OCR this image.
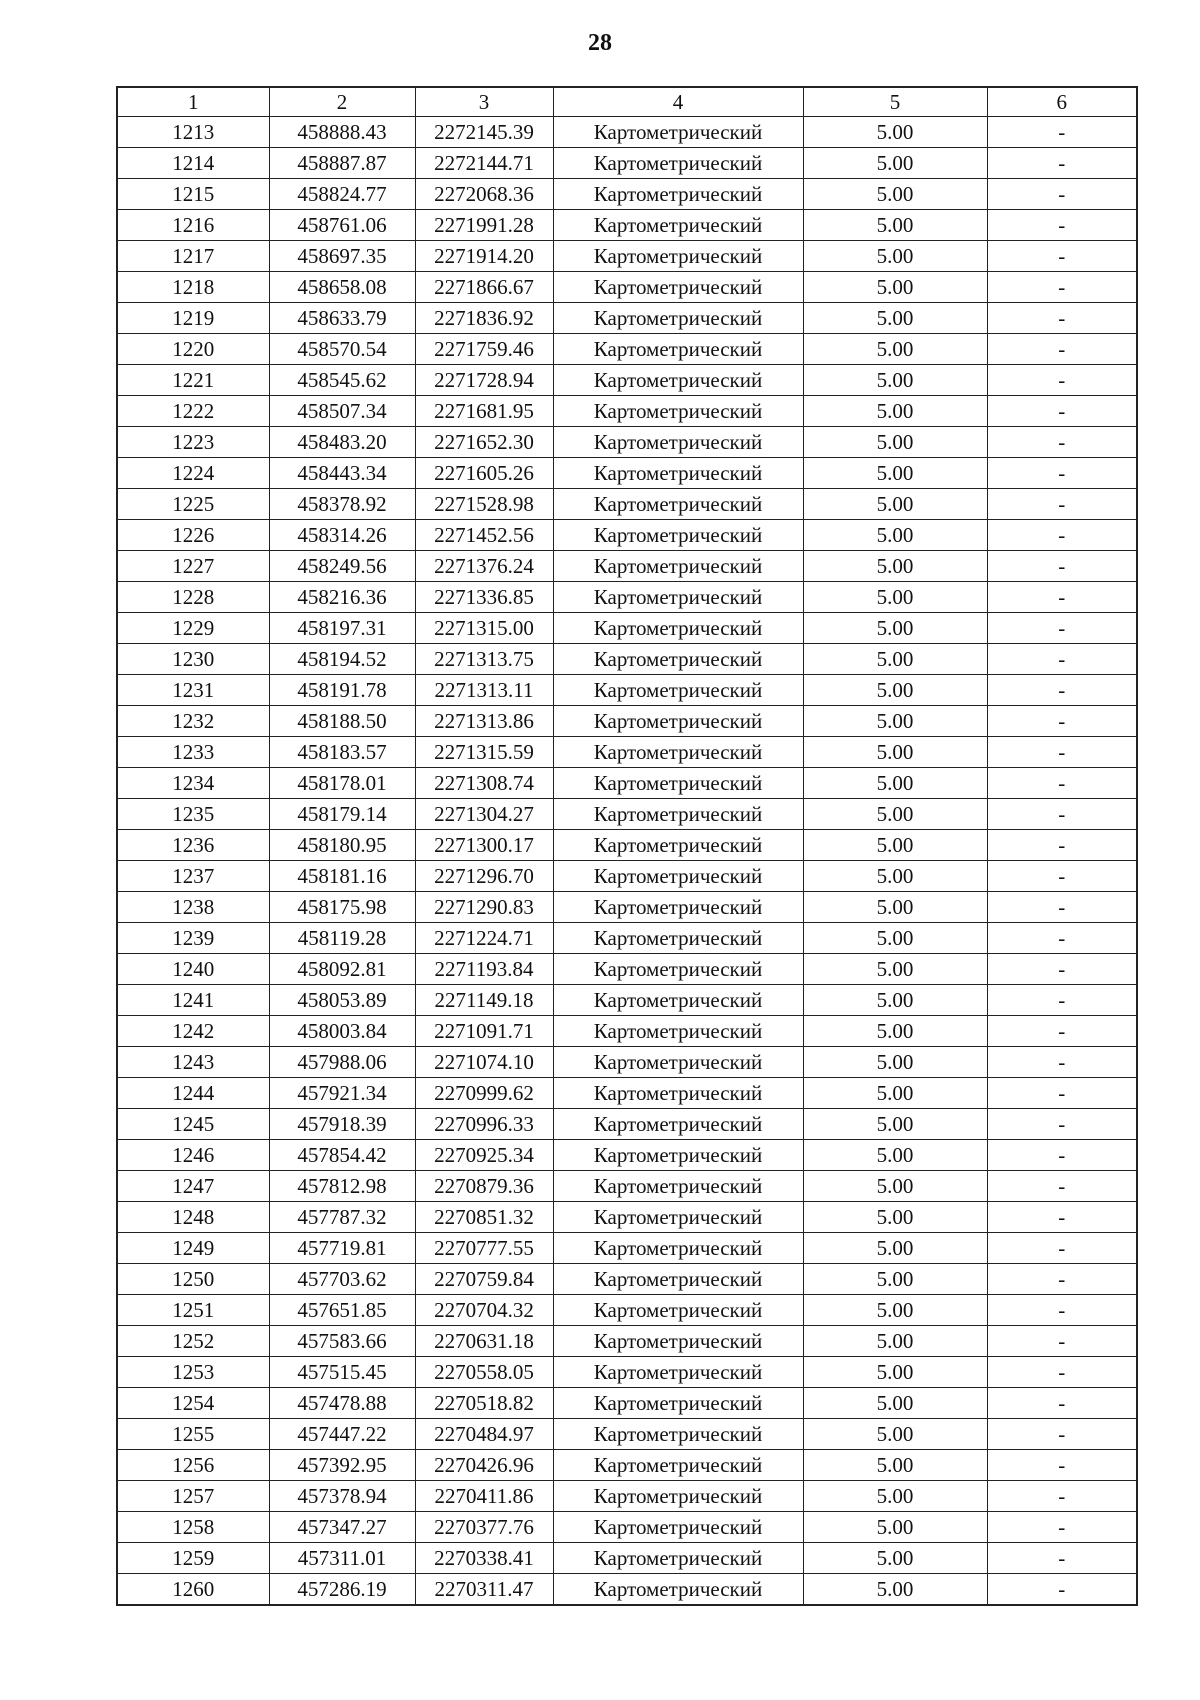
28
1	2	3	4	5	6
1213	458888.43	2272145.39	Картометрический	5.00	-
1214	458887.87	2272144.71	Картометрический	5.00	-
1215	458824.77	2272068.36	Картометрический	5.00	-
1216	458761.06	2271991.28	Картометрический	5.00	-
1217	458697.35	2271914.20	Картометрический	5.00	-
1218	458658.08	2271866.67	Картометрический	5.00	-
1219	458633.79	2271836.92	Картометрический	5.00	-
1220	458570.54	2271759.46	Картометрический	5.00	-
1221	458545.62	2271728.94	Картометрический	5.00	-
1222	458507.34	2271681.95	Картометрический	5.00	-
1223	458483.20	2271652.30	Картометрический	5.00	-
1224	458443.34	2271605.26	Картометрический	5.00	-
1225	458378.92	2271528.98	Картометрический	5.00	-
1226	458314.26	2271452.56	Картометрический	5.00	-
1227	458249.56	2271376.24	Картометрический	5.00	-
1228	458216.36	2271336.85	Картометрический	5.00	-
1229	458197.31	2271315.00	Картометрический	5.00	-
1230	458194.52	2271313.75	Картометрический	5.00	-
1231	458191.78	2271313.11	Картометрический	5.00	-
1232	458188.50	2271313.86	Картометрический	5.00	-
1233	458183.57	2271315.59	Картометрический	5.00	-
1234	458178.01	2271308.74	Картометрический	5.00	-
1235	458179.14	2271304.27	Картометрический	5.00	-
1236	458180.95	2271300.17	Картометрический	5.00	-
1237	458181.16	2271296.70	Картометрический	5.00	-
1238	458175.98	2271290.83	Картометрический	5.00	-
1239	458119.28	2271224.71	Картометрический	5.00	-
1240	458092.81	2271193.84	Картометрический	5.00	-
1241	458053.89	2271149.18	Картометрический	5.00	-
1242	458003.84	2271091.71	Картометрический	5.00	-
1243	457988.06	2271074.10	Картометрический	5.00	-
1244	457921.34	2270999.62	Картометрический	5.00	-
1245	457918.39	2270996.33	Картометрический	5.00	-
1246	457854.42	2270925.34	Картометрический	5.00	-
1247	457812.98	2270879.36	Картометрический	5.00	-
1248	457787.32	2270851.32	Картометрический	5.00	-
1249	457719.81	2270777.55	Картометрический	5.00	-
1250	457703.62	2270759.84	Картометрический	5.00	-
1251	457651.85	2270704.32	Картометрический	5.00	-
1252	457583.66	2270631.18	Картометрический	5.00	-
1253	457515.45	2270558.05	Картометрический	5.00	-
1254	457478.88	2270518.82	Картометрический	5.00	-
1255	457447.22	2270484.97	Картометрический	5.00	-
1256	457392.95	2270426.96	Картометрический	5.00	-
1257	457378.94	2270411.86	Картометрический	5.00	-
1258	457347.27	2270377.76	Картометрический	5.00	-
1259	457311.01	2270338.41	Картометрический	5.00	-
1260	457286.19	2270311.47	Картометрический	5.00	-
